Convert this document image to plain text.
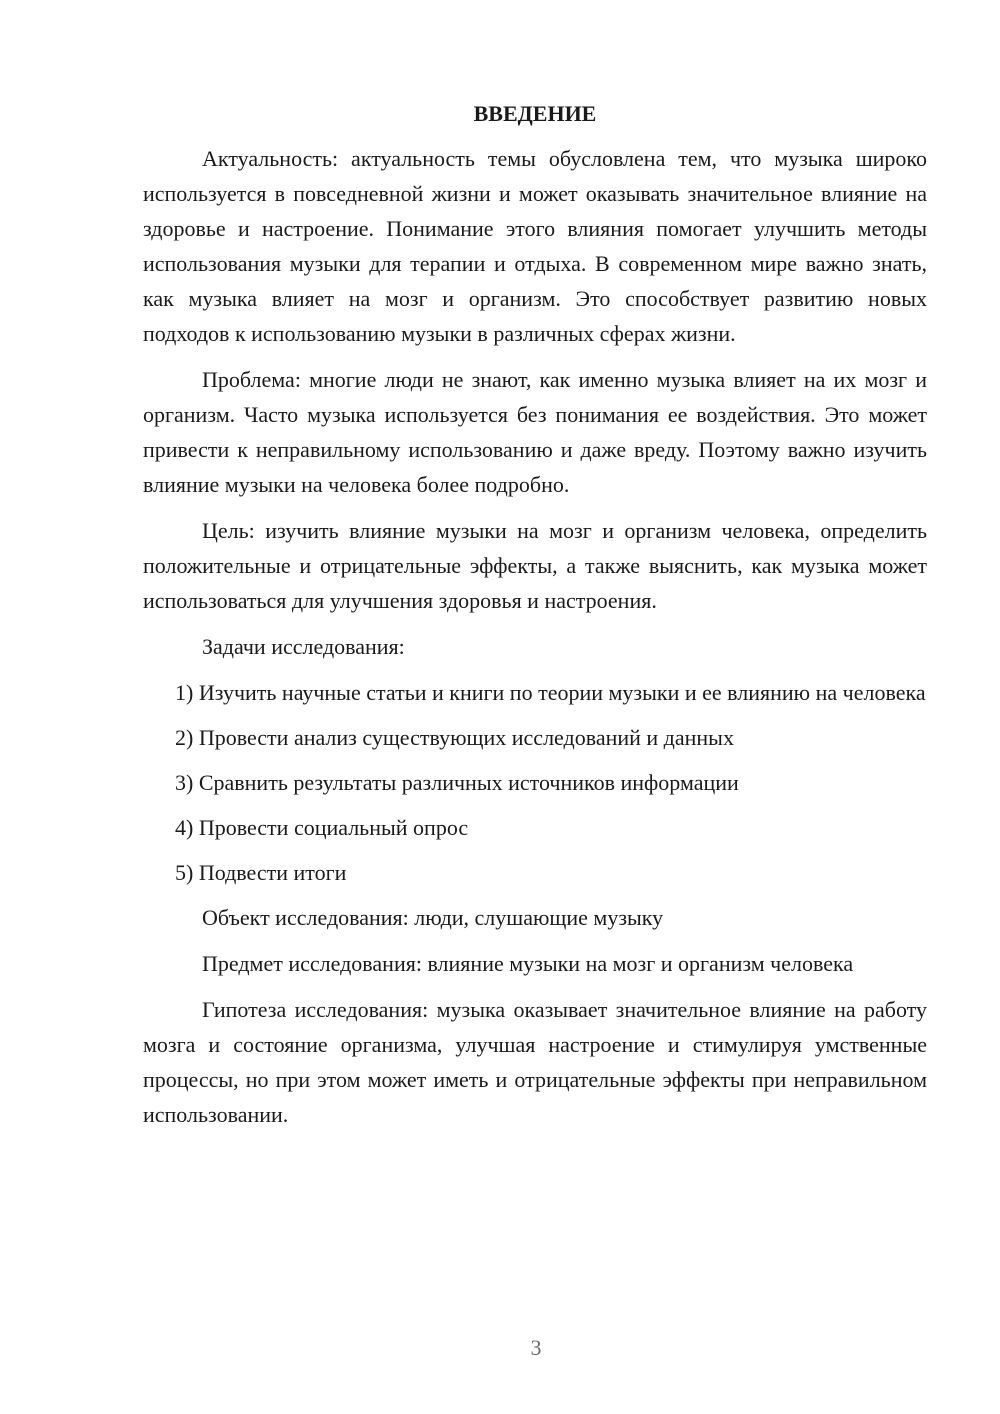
ВВЕДЕНИЕ

Актуальность: актуальность темы обусловлена тем, что музыка широко используется в повседневной жизни и может оказывать значительное влияние на здоровье и настроение. Понимание этого влияния помогает улучшить методы использования музыки для терапии и отдыха. В современном мире важно знать, как музыка влияет на мозг и организм. Это способствует развитию новых подходов к использованию музыки в различных сферах жизни.

Проблема: многие люди не знают, как именно музыка влияет на их мозг и организм. Часто музыка используется без понимания ее воздействия. Это может привести к неправильному использованию и даже вреду. Поэтому важно изучить влияние музыки на человека более подробно.

Цель: изучить влияние музыки на мозг и организм человека, определить положительные и отрицательные эффекты, а также выяснить, как музыка может использоваться для улучшения здоровья и настроения.

Задачи исследования:

1) Изучить научные статьи и книги по теории музыки и ее влиянию на человека

2) Провести анализ существующих исследований и данных

3) Сравнить результаты различных источников информации

4) Провести социальный опрос

5) Подвести итоги

Объект исследования: люди, слушающие музыку

Предмет исследования: влияние музыки на мозг и организм человека

Гипотеза исследования: музыка оказывает значительное влияние на работу мозга и состояние организма, улучшая настроение и стимулируя умственные процессы, но при этом может иметь и отрицательные эффекты при неправильном использовании.

3
